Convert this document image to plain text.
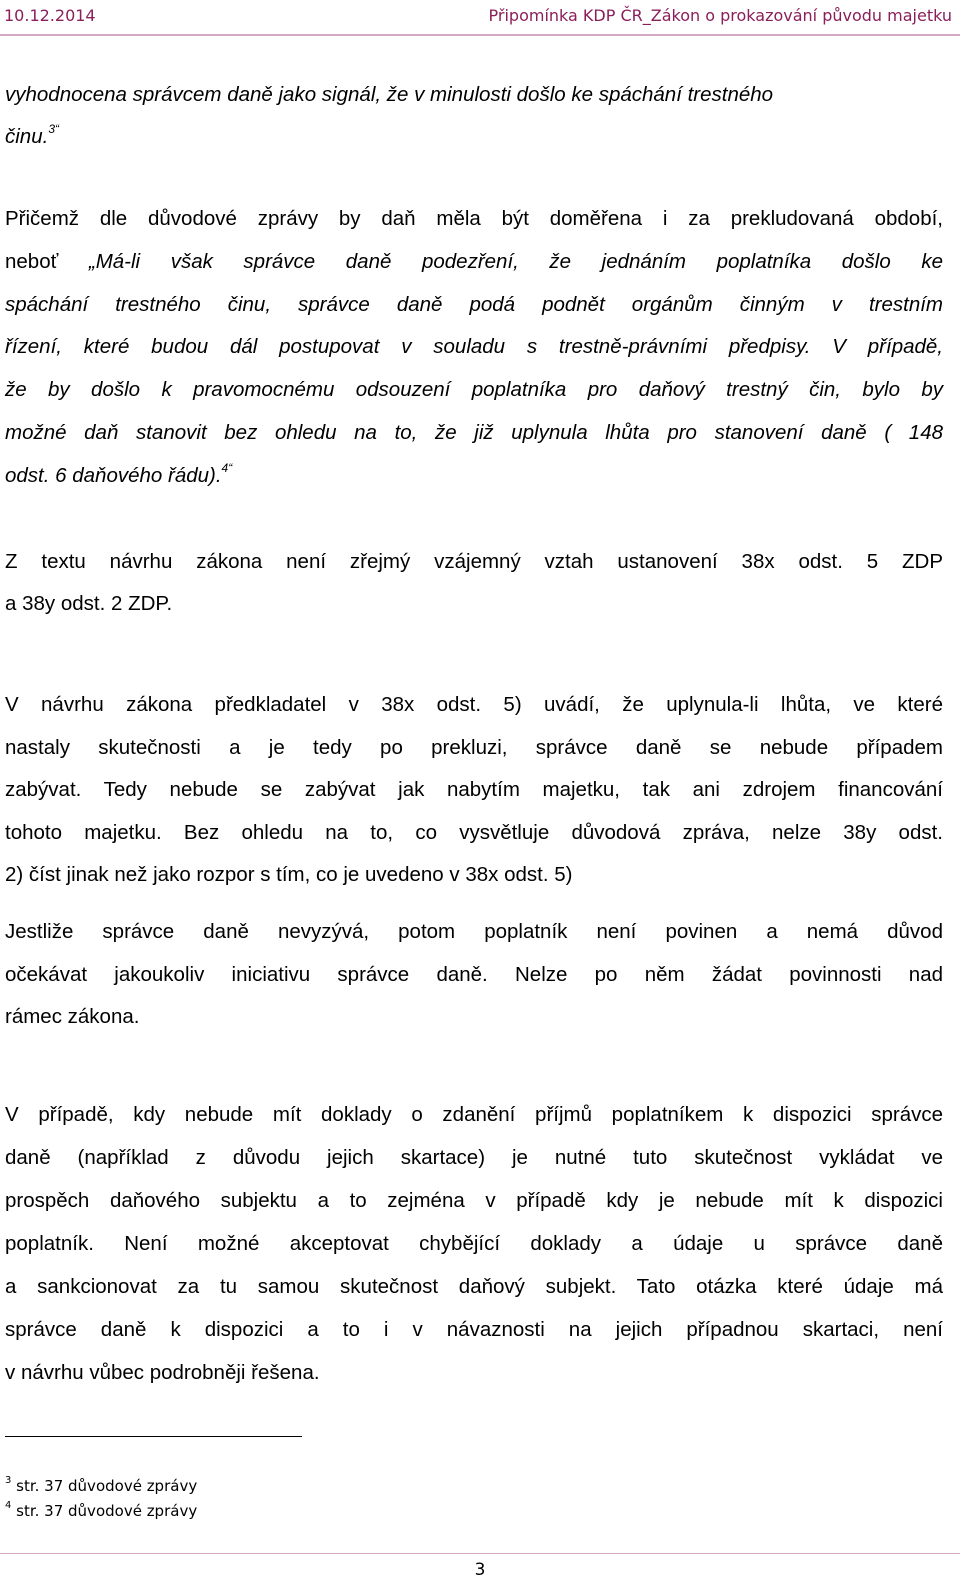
10.12.2014	Připomínka KDP ČR_Zákon o prokazování původu majetku
vyhodnocena správcem daně jako signál, že v minulosti došlo ke spáchání trestného
činu.$^{3“}$
Přičemž dle důvodové zprávy by daň měla být doměřena i za prekludovaná období,
neboť „Má-li však správce daně podezření, že jednáním poplatníka došlo ke
spáchání trestného činu, správce daně podá podnět orgánům činným v trestním
řízení, které budou dál postupovat v souladu s trestně-právními předpisy. V případě,
že by došlo k pravomocnému odsouzení poplatníka pro daňový trestný čin, bylo by
možné daň stanovit bez ohledu na to, že již uplynula lhůta pro stanovení daně ( 148
odst. 6 daňového řádu).$^{4“}$
Z textu návrhu zákona není zřejmý vzájemný vztah ustanovení 38x odst. 5 ZDP
a 38y odst. 2 ZDP.
V návrhu zákona předkladatel v 38x odst. 5) uvádí, že uplynula-li lhůta, ve které
nastaly skutečnosti a je tedy po prekluzi, správce daně se nebude případem
zabývat. Tedy nebude se zabývat jak nabytím majetku, tak ani zdrojem financování
tohoto majetku. Bez ohledu na to, co vysvětluje důvodová zpráva, nelze 38y odst.
2) číst jinak než jako rozpor s tím, co je uvedeno v 38x odst. 5)
Jestliže správce daně nevyzývá, potom poplatník není povinen a nemá důvod
očekávat jakoukoliv iniciativu správce daně. Nelze po něm žádat povinnosti nad
rámec zákona.
V případě, kdy nebude mít doklady o zdanění příjmů poplatníkem k dispozici správce
daně (například z důvodu jejich skartace) je nutné tuto skutečnost vykládat ve
prospěch daňového subjektu a to zejména v případě kdy je nebude mít k dispozici
poplatník. Není možné akceptovat chybějící doklady a údaje u správce daně
a sankcionovat za tu samou skutečnost daňový subjekt. Tato otázka které údaje má
správce daně k dispozici a to i v návaznosti na jejich případnou skartaci, není
v návrhu vůbec podrobněji řešena.
$^3$ str. 37 důvodové zprávy
$^4$ str. 37 důvodové zprávy
3
